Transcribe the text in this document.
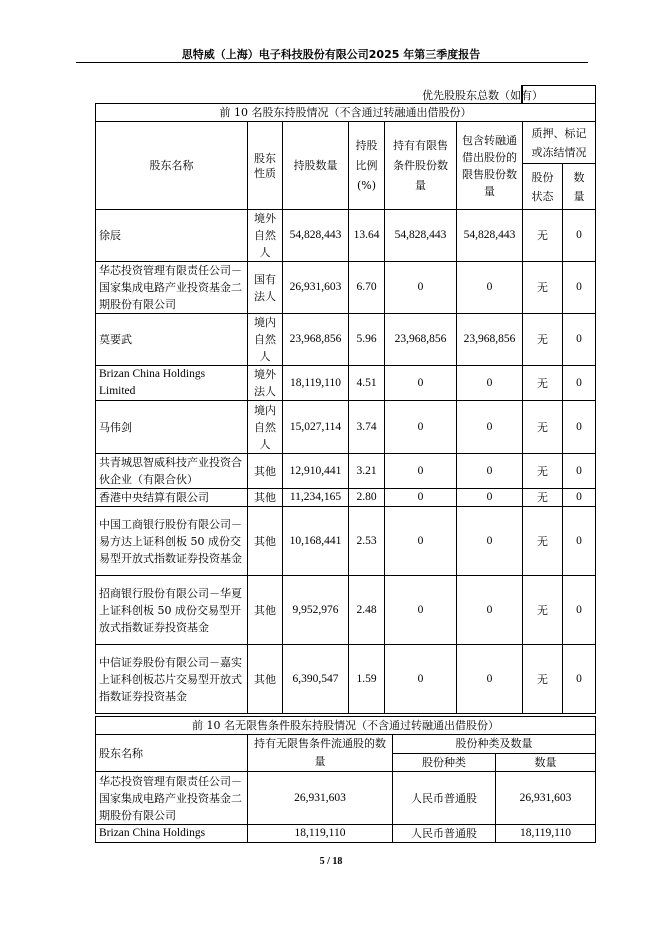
思特威（上海）电子科技股份有限公司2025 年第三季度报告

前 10 名股东持股情况（不含通过转融通出借股份）							
股东名称	股东性质	持股数量	持股比例(%)	持有有限售条件股份数量	包含转融通借出股份的限售股份数量	质押、标记或冻结情况	
						股份状态	数量
徐辰	境外自然人	54,828,443	13.64	54,828,443	54,828,443	无	0
华芯投资管理有限责任公司－国家集成电路产业投资基金二期股份有限公司	国有法人	26,931,603	6.70	0	0	无	0
莫要武	境内自然人	23,968,856	5.96	23,968,856	23,968,856	无	0
Brizan China Holdings Limited	境外法人	18,119,110	4.51	0	0	无	0
马伟剑	境内自然人	15,027,114	3.74	0	0	无	0
共青城思智威科技产业投资合伙企业（有限合伙）	其他	12,910,441	3.21	0	0	无	0
香港中央结算有限公司	其他	11,234,165	2.80	0	0	无	0
中国工商银行股份有限公司－易方达上证科创板 50 成份交易型开放式指数证券投资基金	其他	10,168,441	2.53	0	0	无	0
招商银行股份有限公司－华夏上证科创板 50 成份交易型开放式指数证券投资基金	其他	9,952,976	2.48	0	0	无	0
中信证券股份有限公司－嘉实上证科创板芯片交易型开放式指数证券投资基金	其他	6,390,547	1.59	0	0	无	0
优先股股东总数（如有）
前 10 名无限售条件股东持股情况（不含通过转融通出借股份）			
股东名称	持有无限售条件流通股的数量	股份种类及数量	
		股份种类	数量
华芯投资管理有限责任公司－国家集成电路产业投资基金二期股份有限公司	26,931,603	人民币普通股	26,931,603
Brizan China Holdings	18,119,110	人民币普通股	18,119,110
5 / 18
